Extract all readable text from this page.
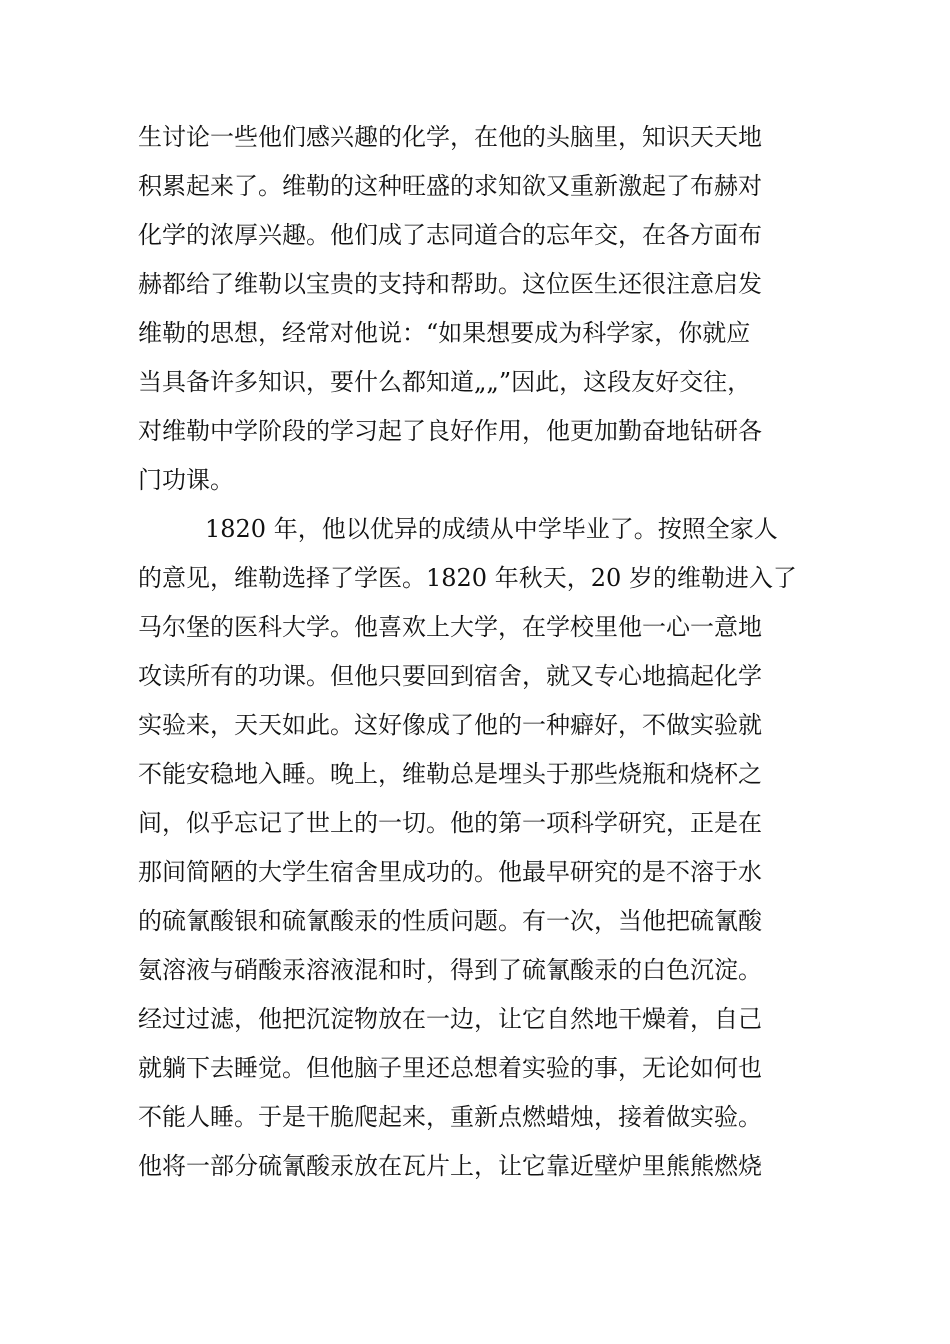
生讨论一些他们感兴趣的化学，在他的头脑里，知识天天地
积累起来了。维勒的这种旺盛的求知欲又重新激起了布赫对
化学的浓厚兴趣。他们成了志同道合的忘年交，在各方面布
赫都给了维勒以宝贵的支持和帮助。这位医生还很注意启发
维勒的思想，经常对他说：“如果想要成为科学家，你就应
当具备许多知识，要什么都知道„„”因此，这段友好交往，
对维勒中学阶段的学习起了良好作用，他更加勤奋地钻研各
门功课。
1820 年，他以优异的成绩从中学毕业了。按照全家人
的意见，维勒选择了学医。1820 年秋天，20 岁的维勒进入了
马尔堡的医科大学。他喜欢上大学，在学校里他一心一意地
攻读所有的功课。但他只要回到宿舍，就又专心地搞起化学
实验来，天天如此。这好像成了他的一种癖好，不做实验就
不能安稳地入睡。晚上，维勒总是埋头于那些烧瓶和烧杯之
间，似乎忘记了世上的一切。他的第一项科学研究，正是在
那间简陋的大学生宿舍里成功的。他最早研究的是不溶于水
的硫氰酸银和硫氰酸汞的性质问题。有一次，当他把硫氰酸
氨溶液与硝酸汞溶液混和时，得到了硫氰酸汞的白色沉淀。
经过过滤，他把沉淀物放在一边，让它自然地干燥着，自己
就躺下去睡觉。但他脑子里还总想着实验的事，无论如何也
不能人睡。于是干脆爬起来，重新点燃蜡烛，接着做实验。
他将一部分硫氰酸汞放在瓦片上，让它靠近壁炉里熊熊燃烧
